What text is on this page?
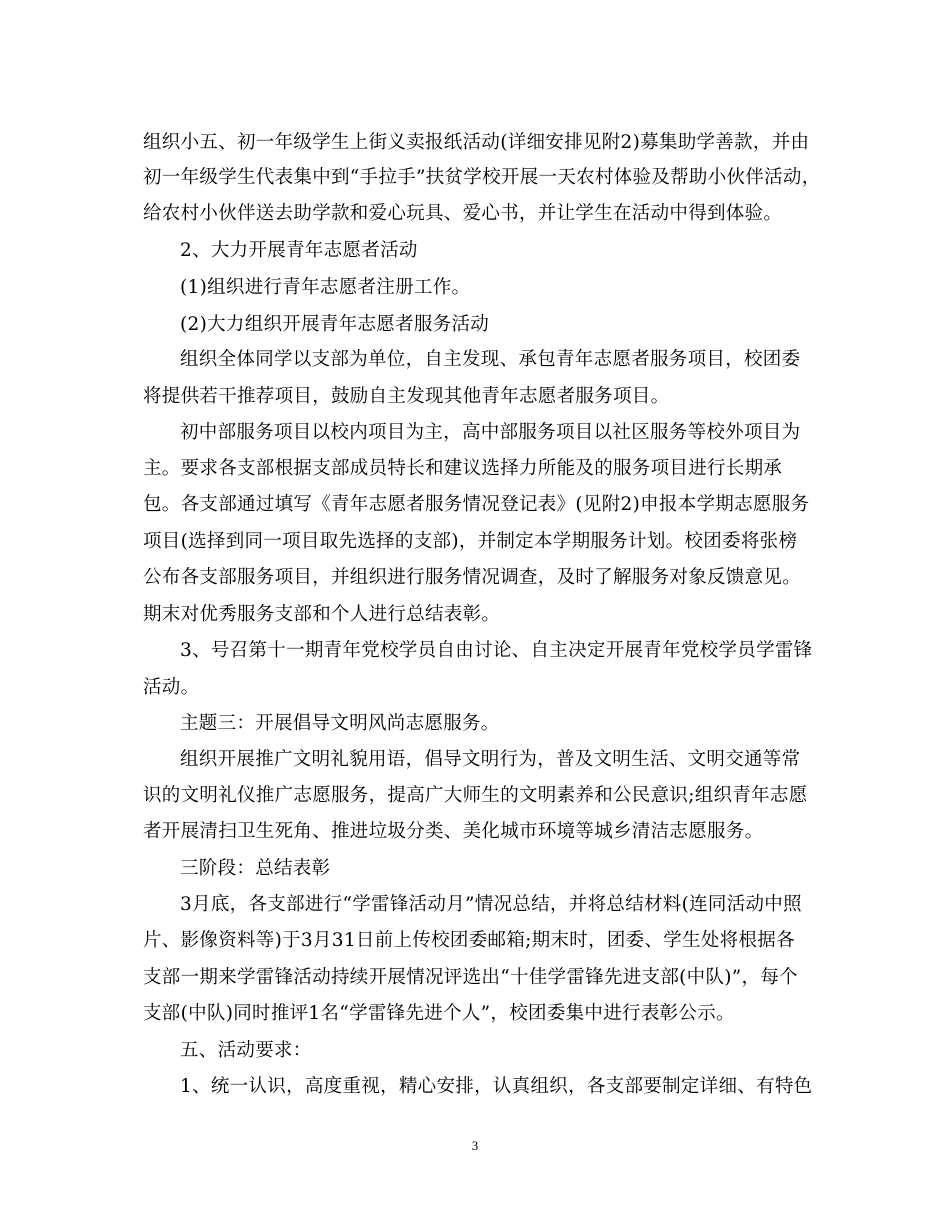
组织小五、初一年级学生上街义卖报纸活动(详细安排见附2)募集助学善款，并由
初一年级学生代表集中到“手拉手”扶贫学校开展一天农村体验及帮助小伙伴活动，
给农村小伙伴送去助学款和爱心玩具、爱心书，并让学生在活动中得到体验。
2、大力开展青年志愿者活动
(1)组织进行青年志愿者注册工作。
(2)大力组织开展青年志愿者服务活动
组织全体同学以支部为单位，自主发现、承包青年志愿者服务项目，校团委
将提供若干推荐项目，鼓励自主发现其他青年志愿者服务项目。
初中部服务项目以校内项目为主，高中部服务项目以社区服务等校外项目为
主。要求各支部根据支部成员特长和建议选择力所能及的服务项目进行长期承
包。各支部通过填写《青年志愿者服务情况登记表》(见附2)申报本学期志愿服务
项目(选择到同一项目取先选择的支部)，并制定本学期服务计划。校团委将张榜
公布各支部服务项目，并组织进行服务情况调查，及时了解服务对象反馈意见。
期末对优秀服务支部和个人进行总结表彰。
3、号召第十一期青年党校学员自由讨论、自主决定开展青年党校学员学雷锋
活动。
主题三：开展倡导文明风尚志愿服务。
组织开展推广文明礼貌用语，倡导文明行为，普及文明生活、文明交通等常
识的文明礼仪推广志愿服务，提高广大师生的文明素养和公民意识;组织青年志愿
者开展清扫卫生死角、推进垃圾分类、美化城市环境等城乡清洁志愿服务。
三阶段：总结表彰
3月底，各支部进行“学雷锋活动月”情况总结，并将总结材料(连同活动中照
片、影像资料等)于3月31日前上传校团委邮箱;期末时，团委、学生处将根据各
支部一期来学雷锋活动持续开展情况评选出“十佳学雷锋先进支部(中队)”，每个
支部(中队)同时推评1名“学雷锋先进个人”，校团委集中进行表彰公示。
五、活动要求：
1、统一认识，高度重视，精心安排，认真组织，各支部要制定详细、有特色
3
